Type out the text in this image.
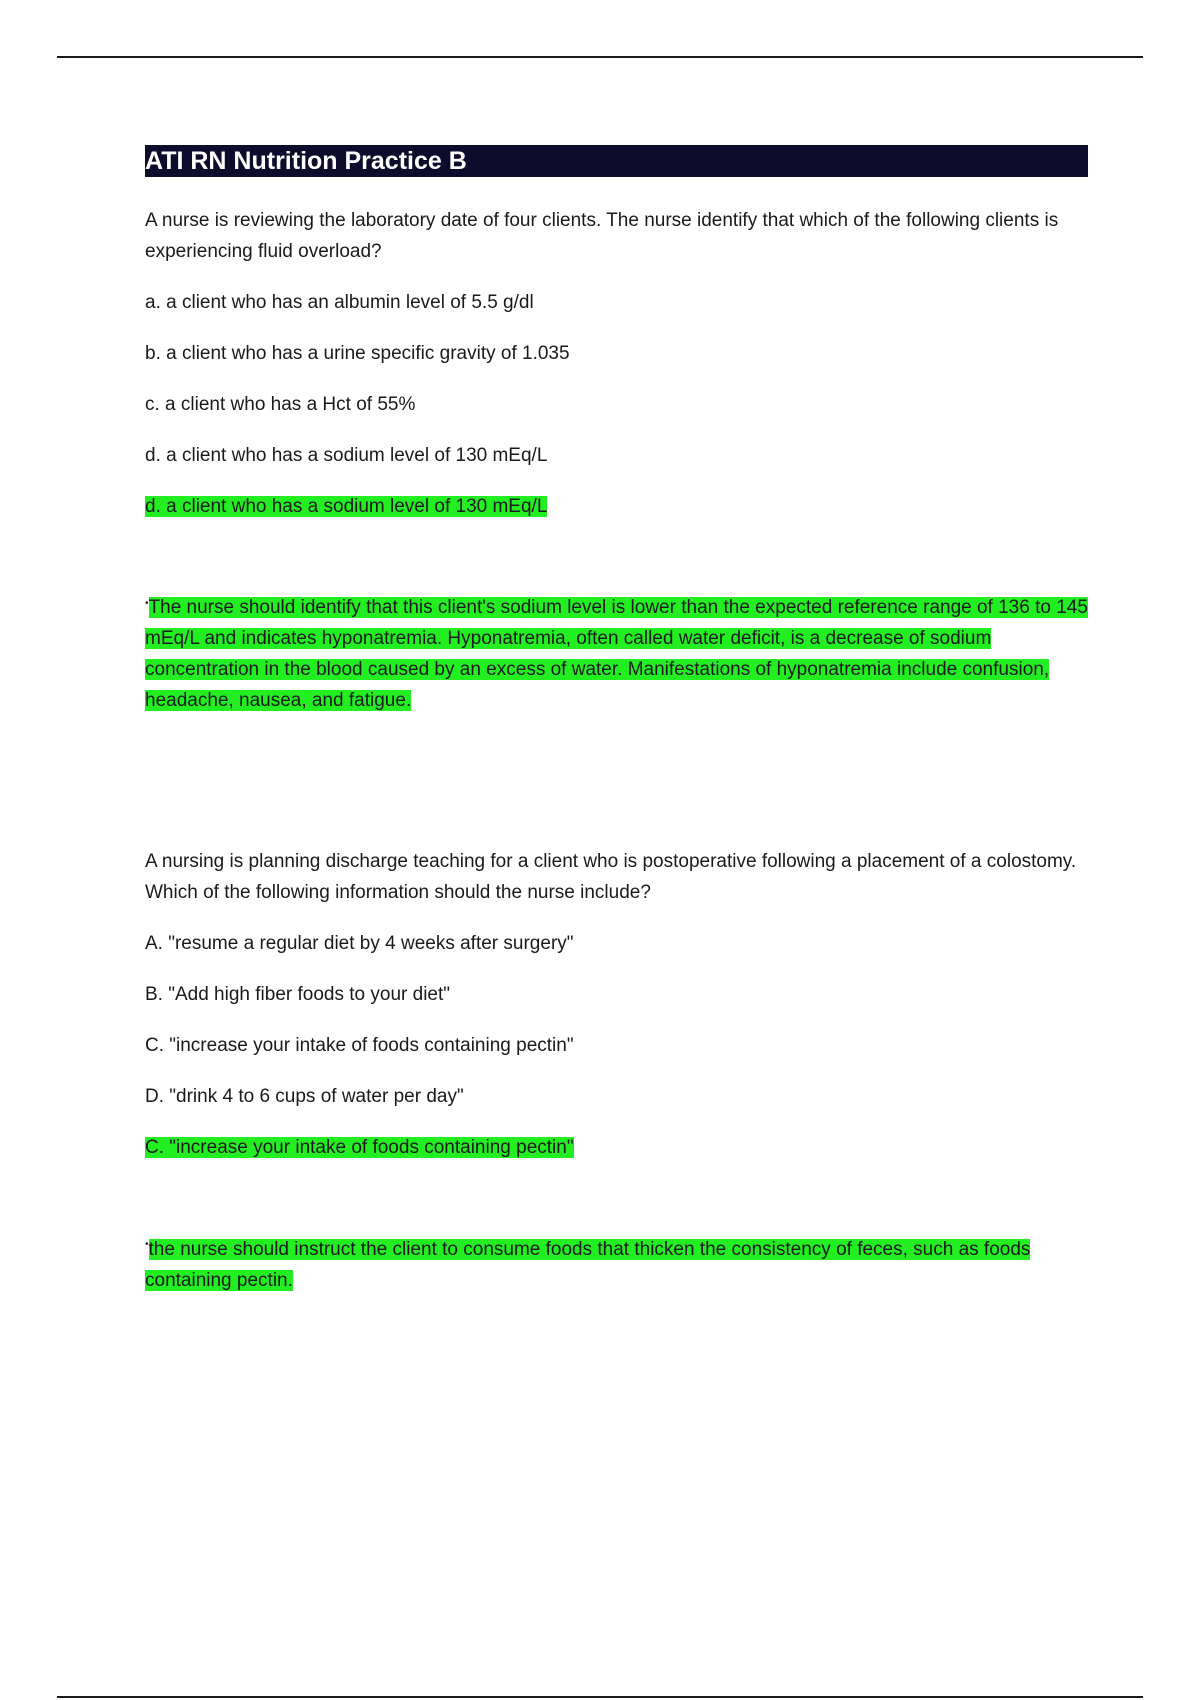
ATI RN Nutrition Practice B

A nurse is reviewing the laboratory date of four clients. The nurse identify that which of the following clients is experiencing fluid overload?

a. a client who has an albumin level of 5.5 g/dl

b. a client who has a urine specific gravity of 1.035

c. a client who has a Hct of 55%

d. a client who has a sodium level of 130 mEq/L

d. a client who has a sodium level of 130 mEq/L

•The nurse should identify that this client's sodium level is lower than the expected reference range of 136 to 145 mEq/L and indicates hyponatremia. Hyponatremia, often called water deficit, is a decrease of sodium concentration in the blood caused by an excess of water. Manifestations of hyponatremia include confusion, headache, nausea, and fatigue.

A nursing is planning discharge teaching for a client who is postoperative following a placement of a colostomy. Which of the following information should the nurse include?

A. "resume a regular diet by 4 weeks after surgery"

B. "Add high fiber foods to your diet"

C. "increase your intake of foods containing pectin"

D. "drink 4 to 6 cups of water per day"

C. "increase your intake of foods containing pectin"

•the nurse should instruct the client to consume foods that thicken the consistency of feces, such as foods containing pectin.
